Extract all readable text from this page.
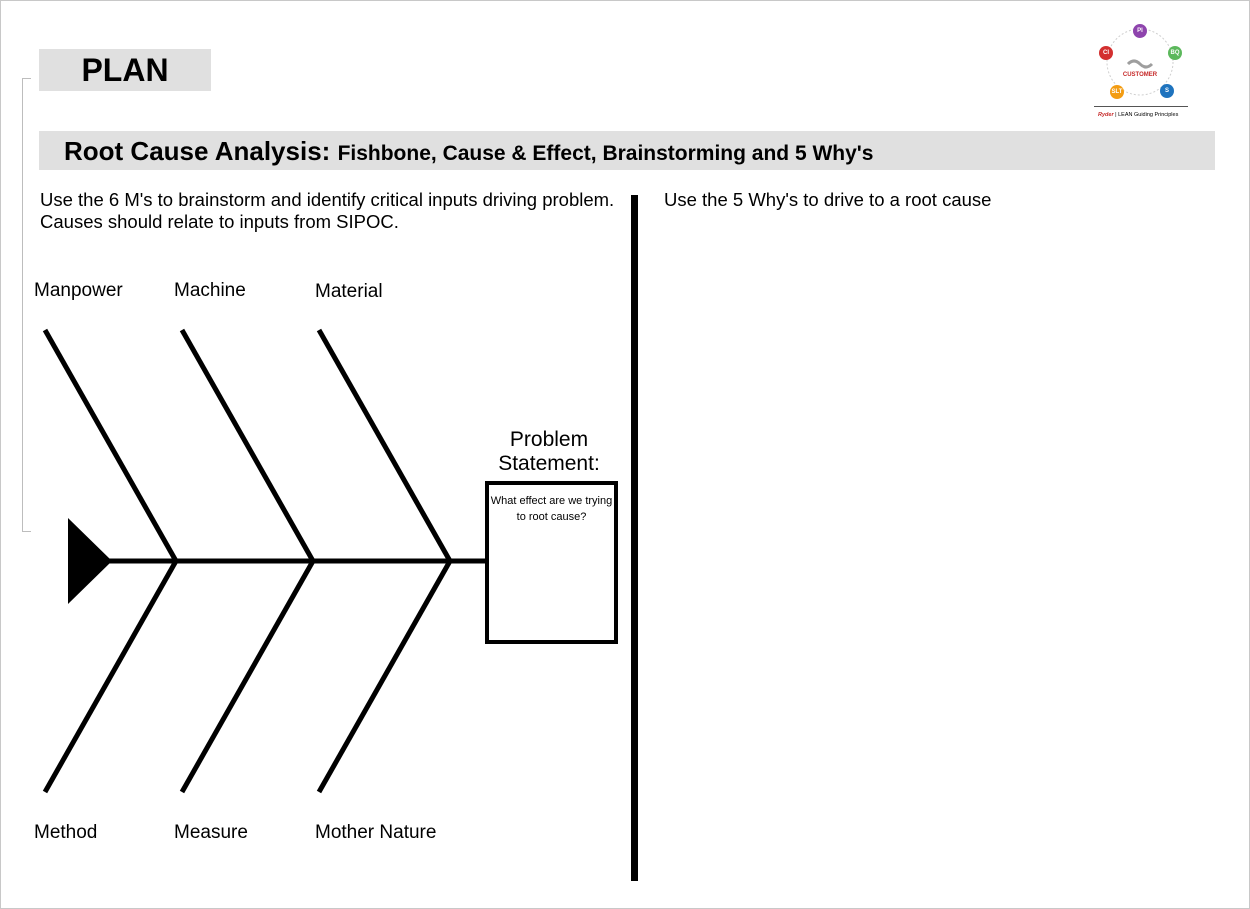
PLAN
PI
CI	BQ
SLT	S
CUSTOMER
Ryder | LEAN Guiding Principles
Root Cause Analysis: Fishbone, Cause & Effect, Brainstorming and 5 Why's
Use the 6 M's to brainstorm and identify critical inputs driving problem. Causes should relate to inputs from SIPOC.
Use the 5 Why's to drive to a root cause
Manpower	Machine	Material
Method	Measure	Mother Nature
Problem Statement:
What effect are we trying to root cause?
